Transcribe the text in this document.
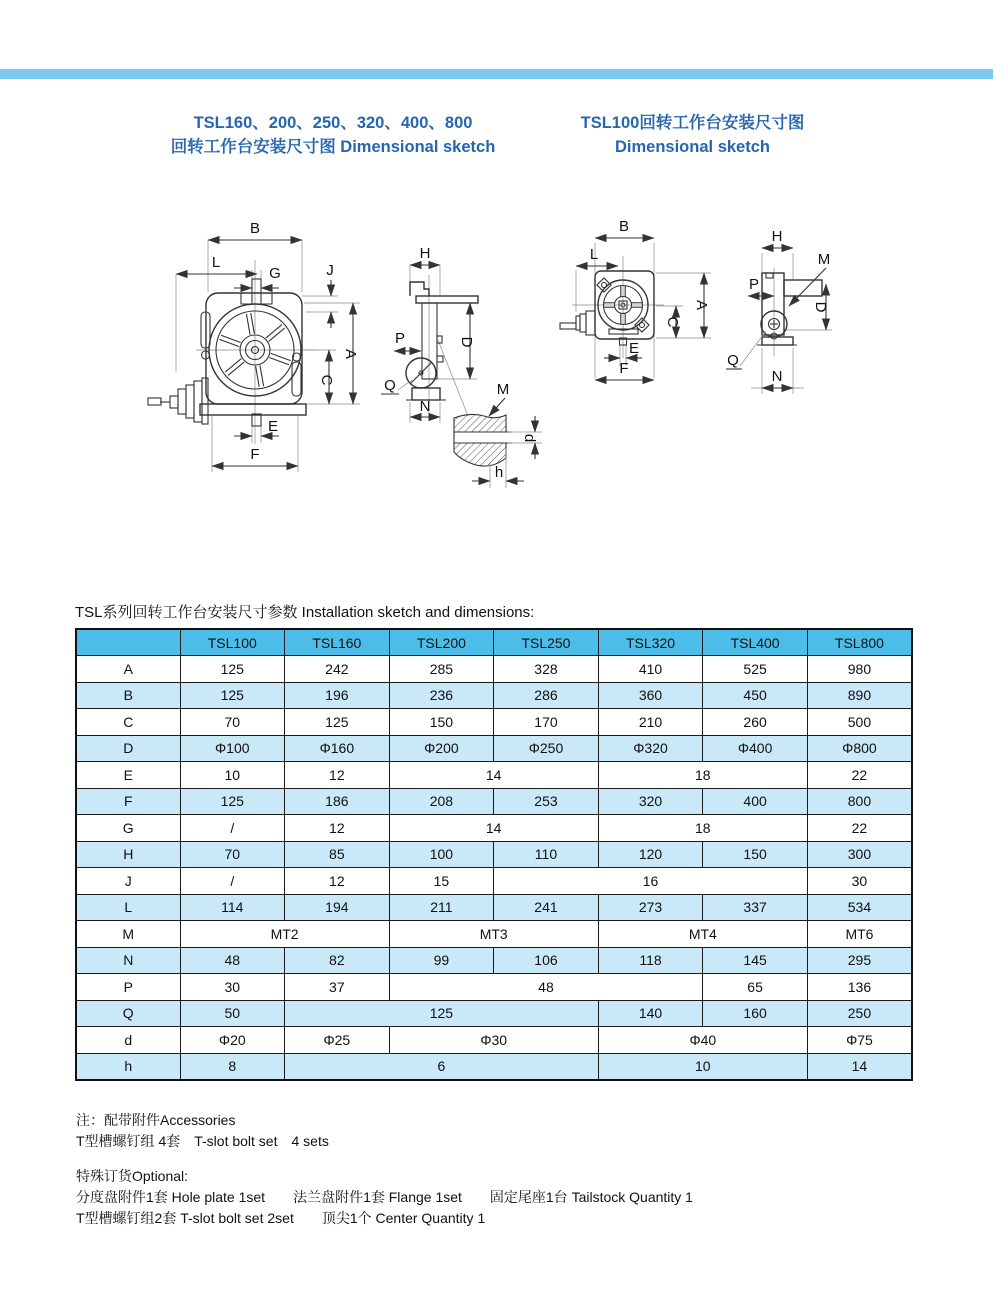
TSL160、200、250、320、400、800
回转工作台安装尺寸图 Dimensional sketch
TSL100回转工作台安装尺寸图
Dimensional sketch
B
L
G	J
A
C
E
F
H
P	D
Q
N
M
d
h
B
L
A
C
E
F
H
M
P
D
Q
N
TSL系列回转工作台安装尺寸参数 Installation sketch and dimensions:
	TSL100	TSL160	TSL200	TSL250	TSL320	TSL400	TSL800
A	125	242	285	328	410	525	980
B	125	196	236	286	360	450	890
C	70	125	150	170	210	260	500
D	Φ100	Φ160	Φ200	Φ250	Φ320	Φ400	Φ800
E	10	12	14		18		22
F	125	186	208	253	320	400	800
G	/	12	14		18		22
H	70	85	100	110	120	150	300
J	/	12	15	16			30
L	114	194	211	241	273	337	534
M	MT2		MT3		MT4		MT6
N	48	82	99	106	118	145	295
P	30	37	48			65	136
Q	50	125			140	160	250
d	Φ20	Φ25	Φ30		Φ40		Φ75
h	8	6			10		14
注：配带附件Accessories
T型槽螺钉组 4套　T-slot bolt set　4 sets
特殊订货Optional:
分度盘附件1套 Hole plate 1set　　法兰盘附件1套 Flange 1set　　固定尾座1台 Tailstock Quantity 1
T型槽螺钉组2套 T-slot bolt set 2set　　顶尖1个 Center Quantity 1
